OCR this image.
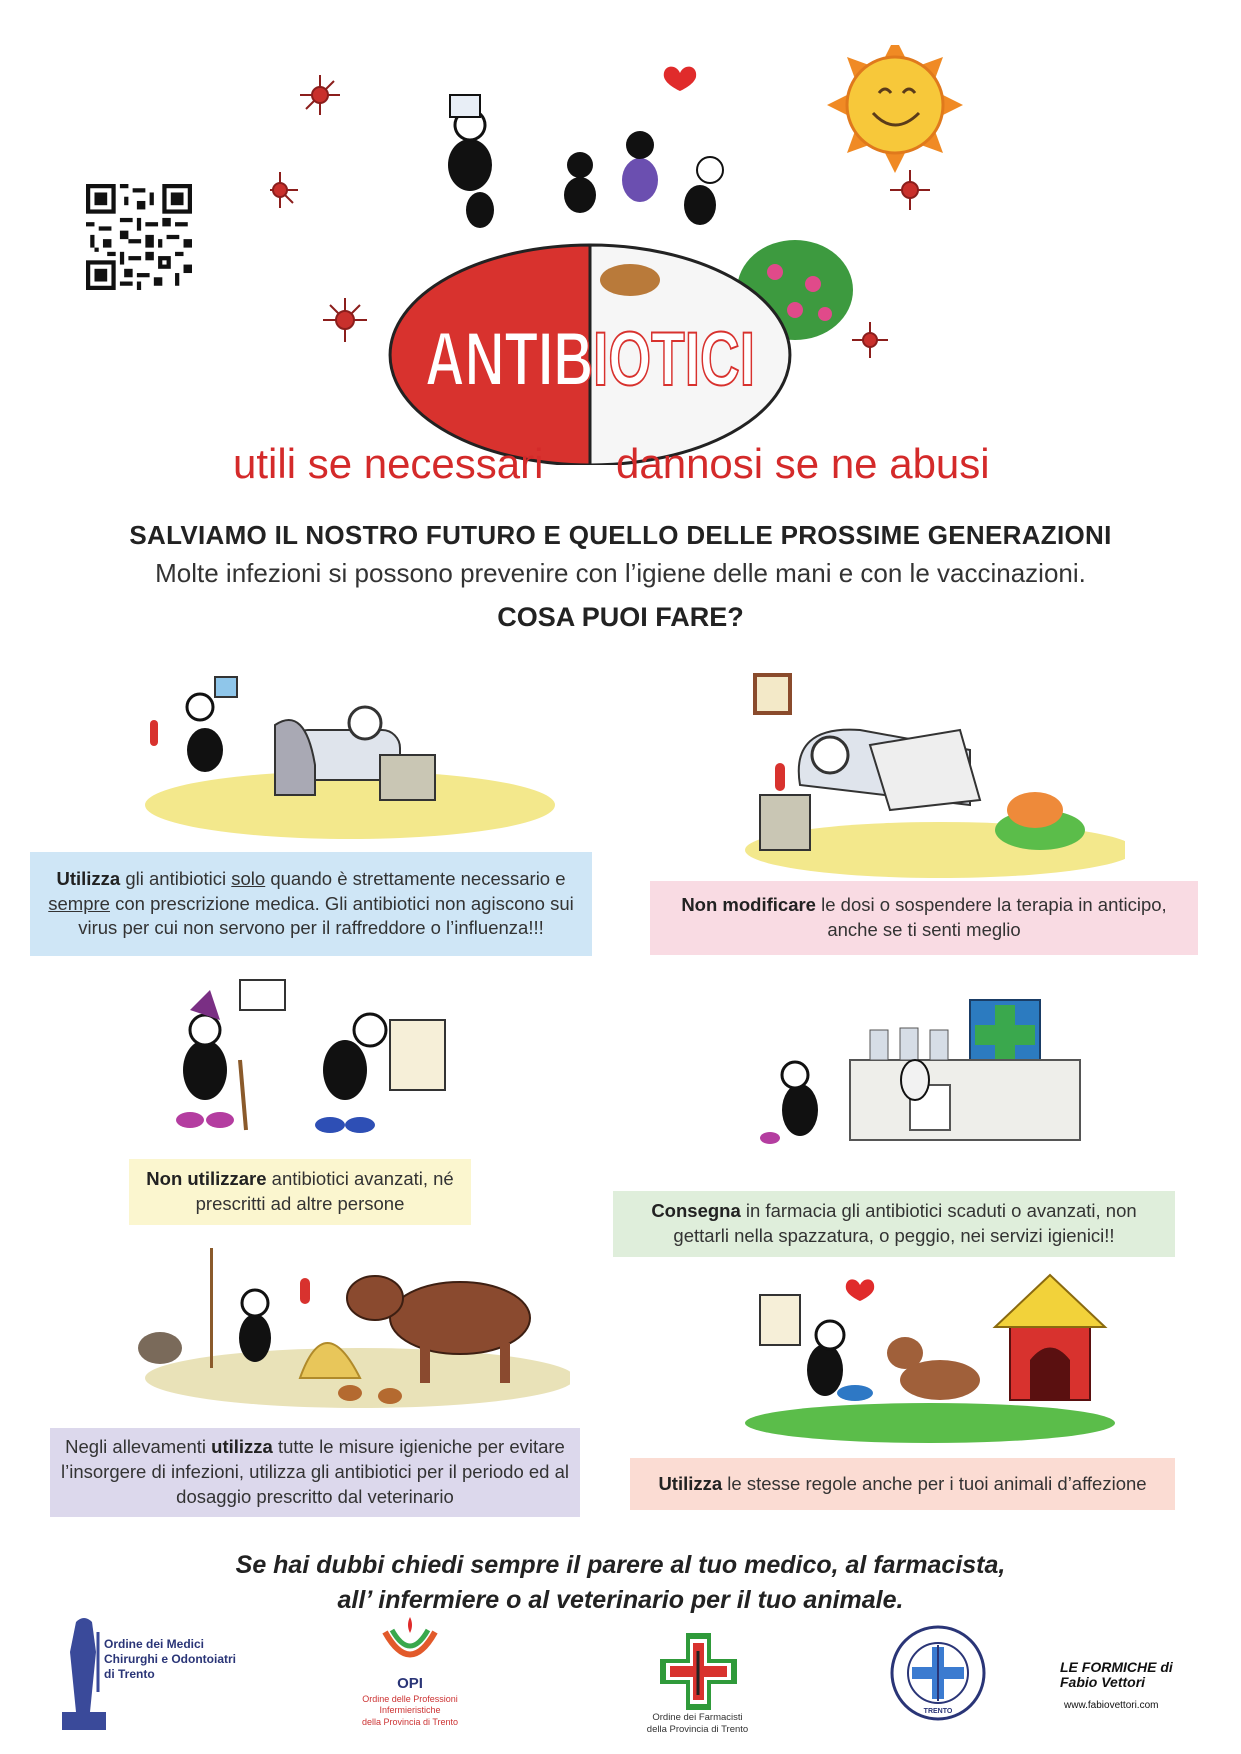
ANTIBIOTICI
utili se necessari dannosi se ne abusi
SALVIAMO IL NOSTRO FUTURO E QUELLO DELLE PROSSIME GENERAZIONI
Molte infezioni si possono prevenire con l’igiene delle mani e con le vaccinazioni.
COSA PUOI FARE?
Utilizza gli antibiotici solo quando è strettamente necessario e sempre con prescrizione medica. Gli antibiotici non agiscono sui virus per cui non servono per il raffreddore o l’influenza!!!
Non modificare le dosi o sospendere la terapia in anticipo, anche se ti senti meglio
Non utilizzare antibiotici avanzati, né prescritti ad altre persone	Consegna in farmacia gli antibiotici scaduti o avanzati, non gettarli nella spazzatura, o peggio, nei servizi igienici!!
Negli allevamenti utilizza tutte le misure igieniche per evitare l’insorgere di infezioni, utilizza gli antibiotici per il periodo ed al dosaggio prescritto dal veterinario
Utilizza le stesse regole anche per i tuoi animali d’affezione
Se hai dubbi chiedi sempre il parere al tuo medico, al farmacista,
all’ infermiere o al veterinario per il tuo animale.
Ordine dei Medici
Chirurghi e Odontoiatri
di Trento
OPI
Ordine delle Professioni
Infermieristiche
della Provincia di Trento	Ordine dei Farmacisti
della Provincia di Trento
TRENTO
LE FORMICHE di Fabio Vettori
www.fabiovettori.com
